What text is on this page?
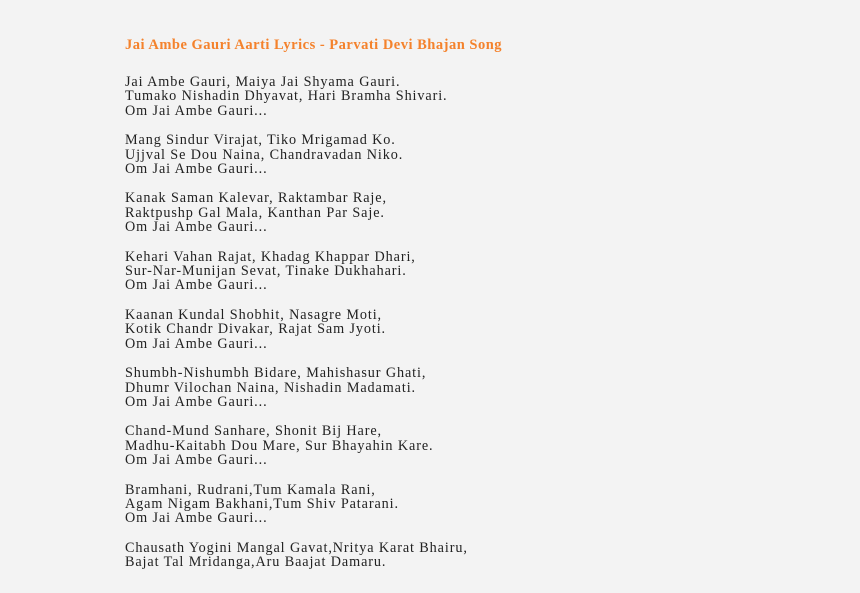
Jai Ambe Gauri Aarti Lyrics - Parvati Devi Bhajan Song

Jai Ambe Gauri, Maiya Jai Shyama Gauri.
Tumako Nishadin Dhyavat, Hari Bramha Shivari.
Om Jai Ambe Gauri...

Mang Sindur Virajat, Tiko Mrigamad Ko.
Ujjval Se Dou Naina, Chandravadan Niko.
Om Jai Ambe Gauri...

Kanak Saman Kalevar, Raktambar Raje,
Raktpushp Gal Mala, Kanthan Par Saje.
Om Jai Ambe Gauri...

Kehari Vahan Rajat, Khadag Khappar Dhari,
Sur-Nar-Munijan Sevat, Tinake Dukhahari.
Om Jai Ambe Gauri...

Kaanan Kundal Shobhit, Nasagre Moti,
Kotik Chandr Divakar, Rajat Sam Jyoti.
Om Jai Ambe Gauri...

Shumbh-Nishumbh Bidare, Mahishasur Ghati,
Dhumr Vilochan Naina, Nishadin Madamati.
Om Jai Ambe Gauri...

Chand-Mund Sanhare, Shonit Bij Hare,
Madhu-Kaitabh Dou Mare, Sur Bhayahin Kare.
Om Jai Ambe Gauri...

Bramhani, Rudrani,Tum Kamala Rani,
Agam Nigam Bakhani,Tum Shiv Patarani.
Om Jai Ambe Gauri...

Chausath Yogini Mangal Gavat,Nritya Karat Bhairu,
Bajat Tal Mridanga,Aru Baajat Damaru.
